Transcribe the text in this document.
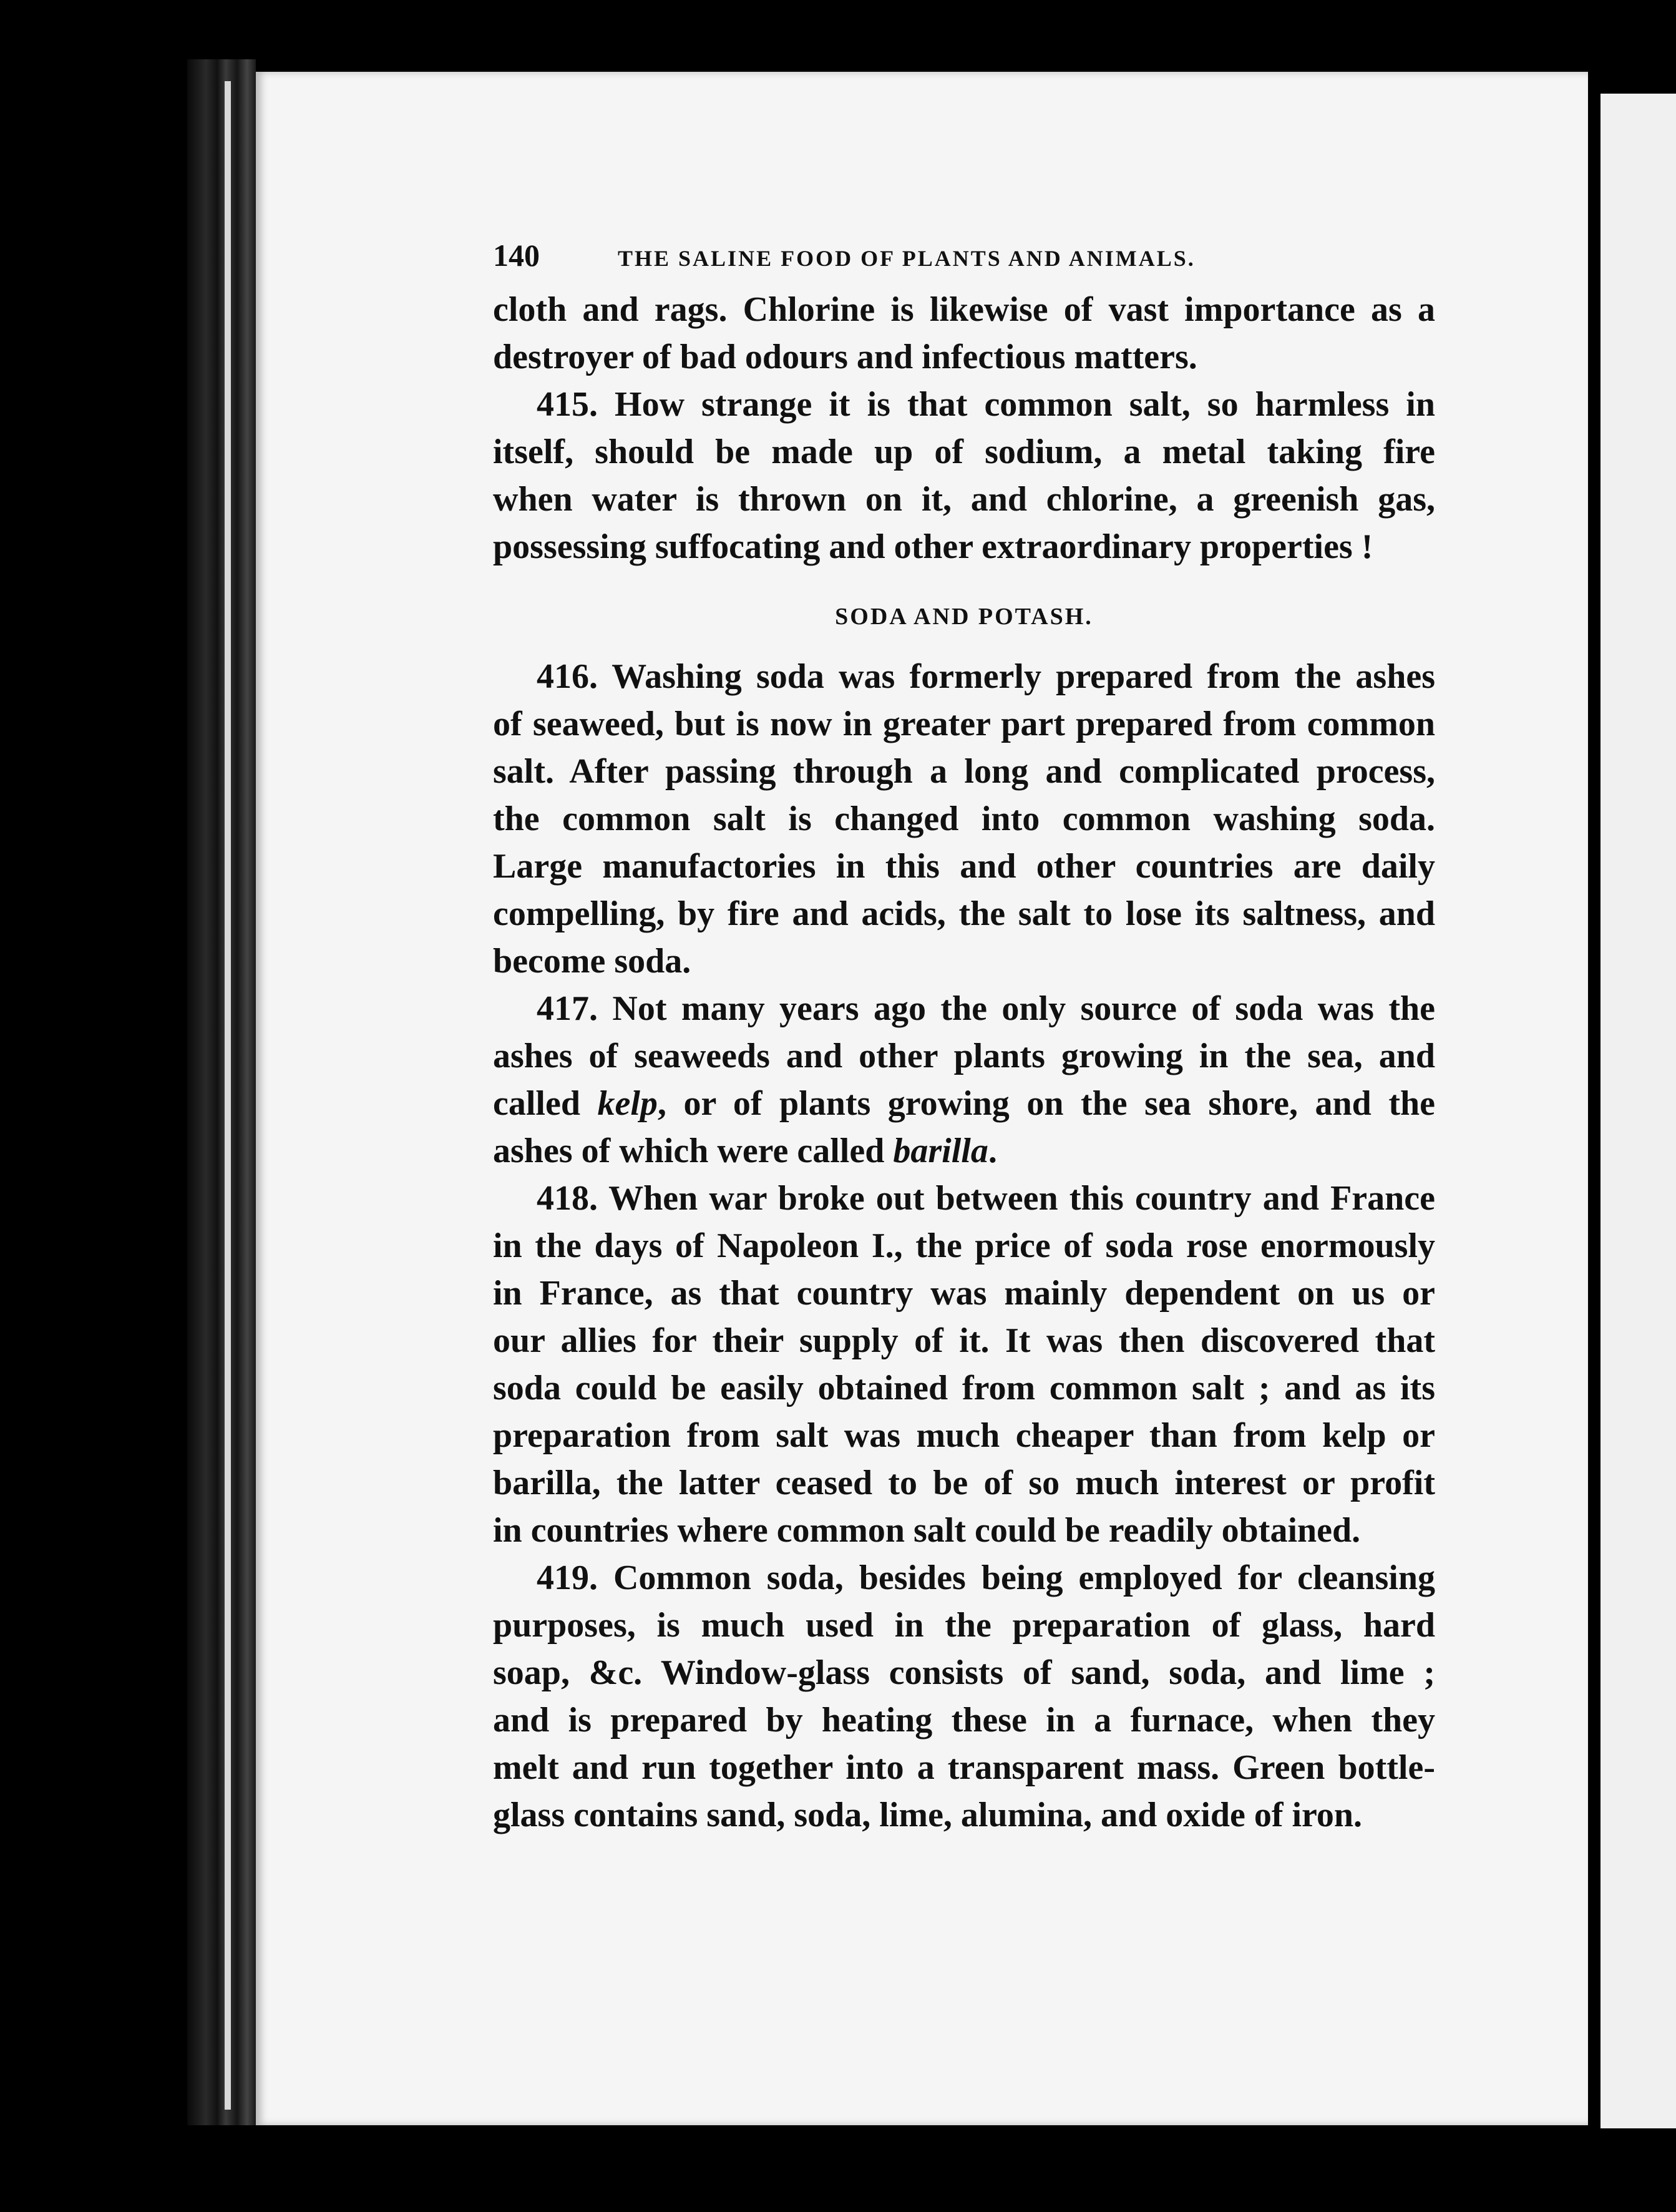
140	THE SALINE FOOD OF PLANTS AND ANIMALS.
cloth and rags. Chlorine is likewise of vast importance as a
destroyer of bad odours and infectious matters.
415. How strange it is that common salt, so harmless in
itself, should be made up of sodium, a metal taking fire
when water is thrown on it, and chlorine, a greenish gas,
possessing suffocating and other extraordinary properties !
SODA AND POTASH.
416. Washing soda was formerly prepared from the ashes
of seaweed, but is now in greater part prepared from common
salt. After passing through a long and complicated process,
the common salt is changed into common washing soda.
Large manufactories in this and other countries are daily
compelling, by fire and acids, the salt to lose its saltness, and
become soda.
417. Not many years ago the only source of soda was the
ashes of seaweeds and other plants growing in the sea, and
called kelp, or of plants growing on the sea shore, and the
ashes of which were called barilla.
418. When war broke out between this country and France
in the days of Napoleon I., the price of soda rose enormously
in France, as that country was mainly dependent on us or
our allies for their supply of it. It was then discovered that
soda could be easily obtained from common salt ; and as its
preparation from salt was much cheaper than from kelp or
barilla, the latter ceased to be of so much interest or profit
in countries where common salt could be readily obtained.
419. Common soda, besides being employed for cleansing
purposes, is much used in the preparation of glass, hard
soap, &c. Window-glass consists of sand, soda, and lime ;
and is prepared by heating these in a furnace, when they
melt and run together into a transparent mass. Green bottle-
glass contains sand, soda, lime, alumina, and oxide of iron.
